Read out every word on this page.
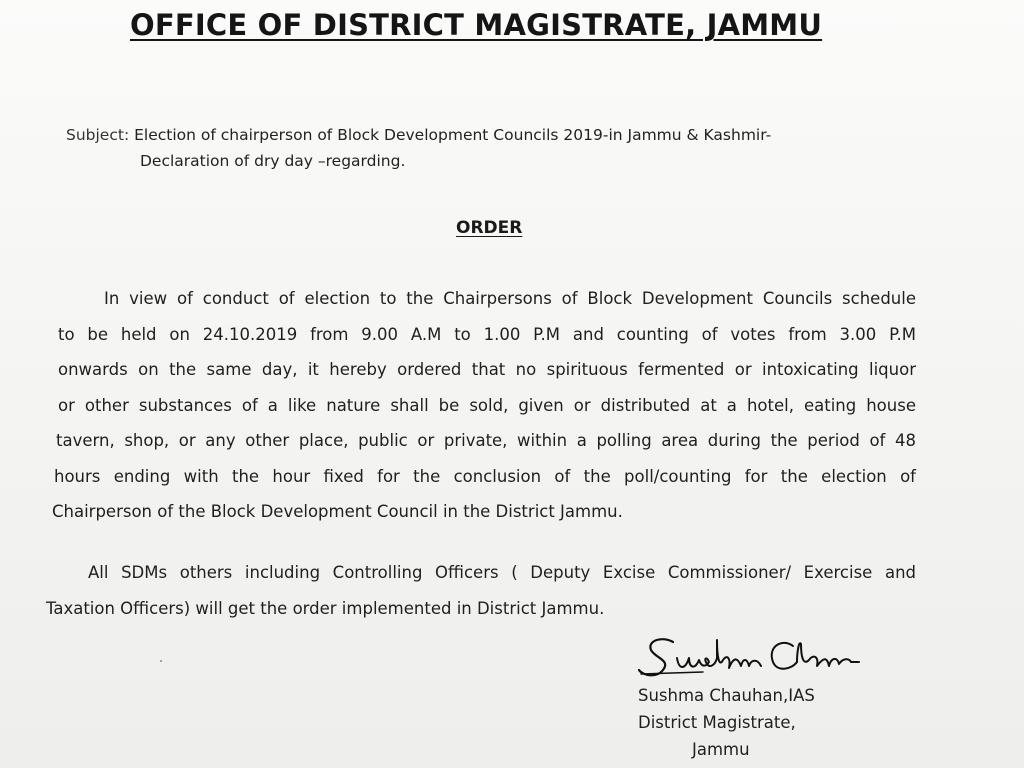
OFFICE OF DISTRICT MAGISTRATE, JAMMU
Subject: Election of chairperson of Block Development Councils 2019-in Jammu & Kashmir-
Declaration of dry day –regarding.
ORDER
In view of conduct of election to the Chairpersons of Block Development Councils schedule
to be held on 24.10.2019 from 9.00 A.M to 1.00 P.M and counting of votes from 3.00 P.M
onwards on the same day, it hereby ordered that no spirituous fermented or intoxicating liquor
or other substances of a like nature shall be sold, given or distributed at a hotel, eating house
tavern, shop, or any other place, public or private, within a polling area during the period of 48
hours ending with the hour fixed for the conclusion of the poll/counting for the election of
Chairperson of the Block Development Council in the District Jammu.
All SDMs others including Controlling Officers ( Deputy Excise Commissioner/ Exercise and
Taxation Officers) will get the order implemented in District Jammu.
Sushma Chauhan,IAS
District Magistrate,
Jammu
